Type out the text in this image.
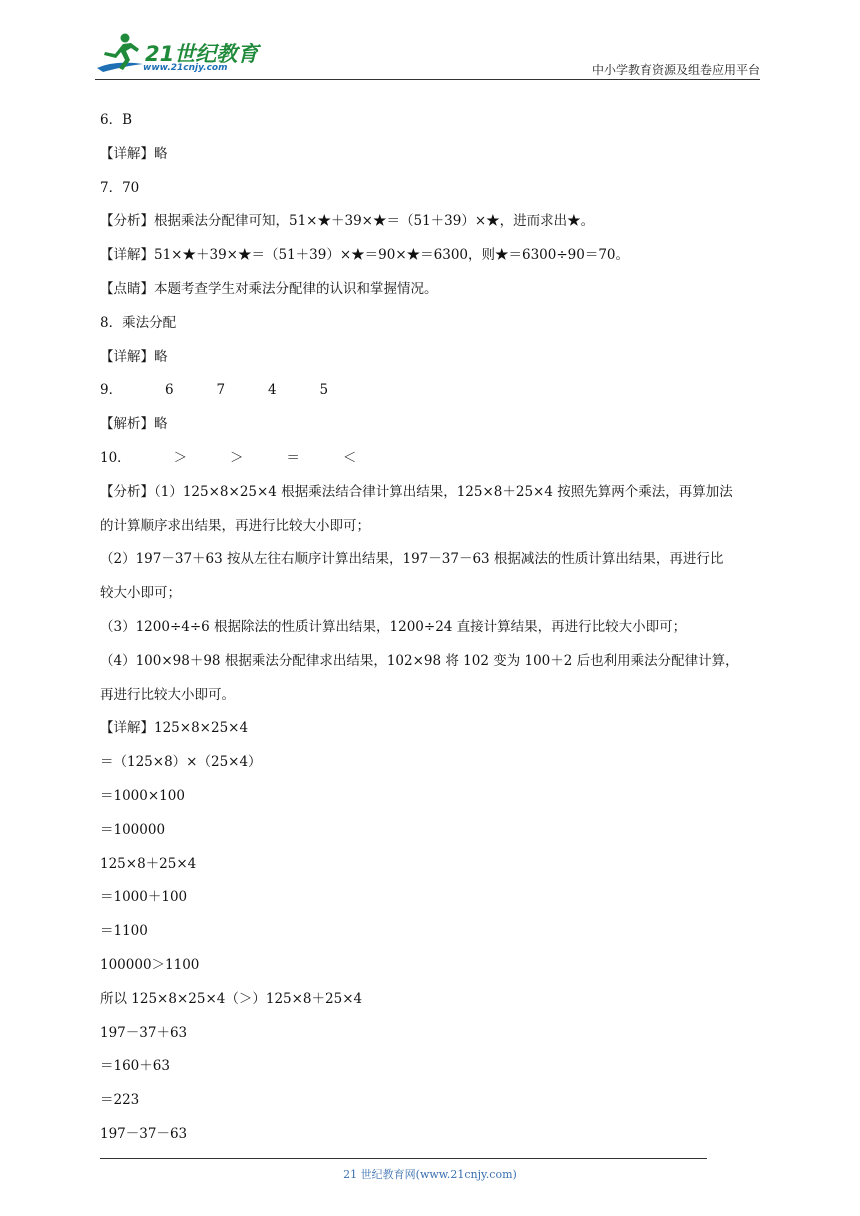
21世纪教育
www.21cnjy.com	中小学教育资源及组卷应用平台
6．B
【详解】略
7．70
【分析】根据乘法分配律可知，51×★＋39×★＝（51＋39）×★，进而求出★。
【详解】51×★＋39×★＝（51＋39）×★＝90×★＝6300，则★＝6300÷90＝70。
【点睛】本题考查学生对乘法分配律的认识和掌握情况。
8．乘法分配
【详解】略
9．          6          7          4          5
【解析】略
10．          ＞          ＞          ＝          ＜
【分析】（1）125×8×25×4 根据乘法结合律计算出结果，125×8＋25×4 按照先算两个乘法，再算加法
的计算顺序求出结果，再进行比较大小即可；
（2）197－37＋63 按从左往右顺序计算出结果，197－37－63 根据减法的性质计算出结果，再进行比
较大小即可；
（3）1200÷4÷6 根据除法的性质计算出结果，1200÷24 直接计算结果，再进行比较大小即可；
（4）100×98＋98 根据乘法分配律求出结果，102×98 将 102 变为 100＋2 后也利用乘法分配律计算，
再进行比较大小即可。
【详解】125×8×25×4
＝（125×8）×（25×4）
＝1000×100
＝100000
125×8＋25×4
＝1000＋100
＝1100
100000＞1100
所以 125×8×25×4（＞）125×8＋25×4
197－37＋63
＝160＋63
＝223
197－37－63
21 世纪教育网(www.21cnjy.com)
